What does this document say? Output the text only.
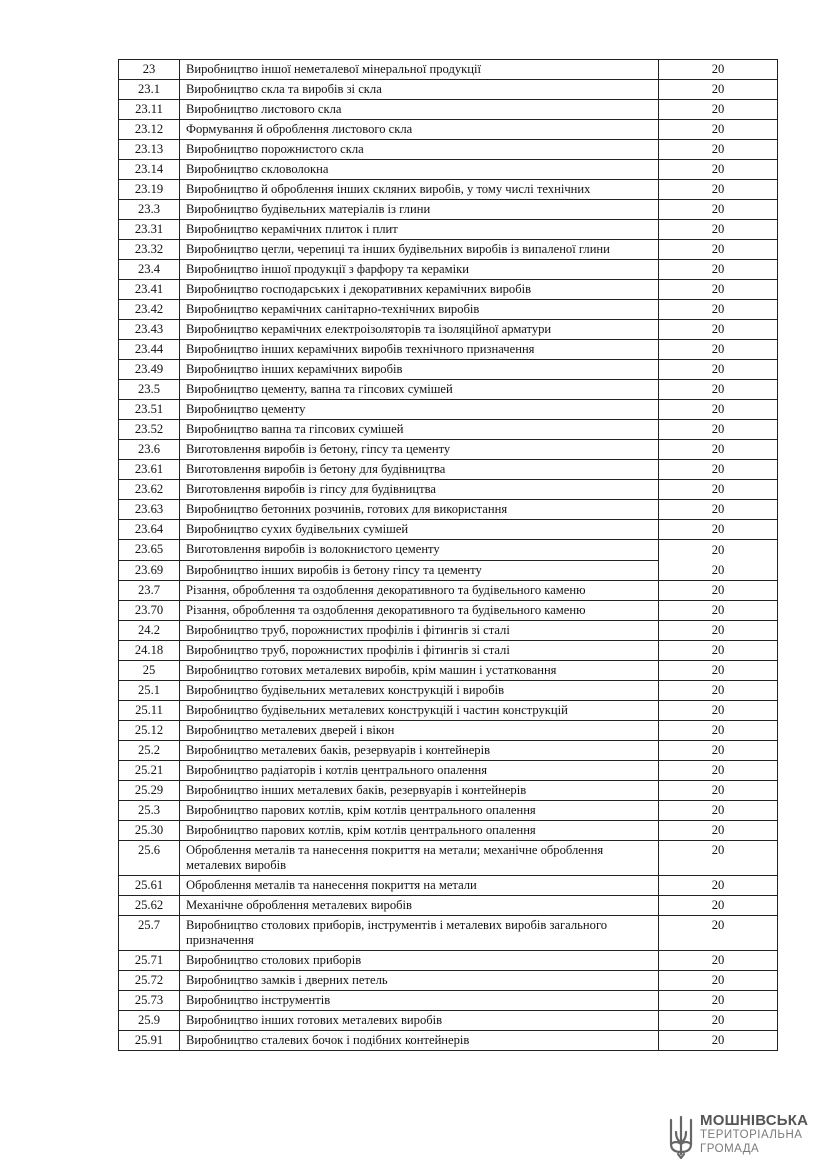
23	Виробництво іншої неметалевої мінеральної продукції	20
23.1	Виробництво скла та виробів зі скла	20
23.11	Виробництво листового скла	20
23.12	Формування й оброблення листового скла	20
23.13	Виробництво порожнистого скла	20
23.14	Виробництво скловолокна	20
23.19	Виробництво й оброблення інших скляних виробів, у тому числі технічних	20
23.3	Виробництво будівельних матеріалів із глини	20
23.31	Виробництво керамічних плиток і плит	20
23.32	Виробництво цегли, черепиці та інших будівельних виробів із випаленої глини	20
23.4	Виробництво іншої продукції з фарфору та кераміки	20
23.41	Виробництво господарських і декоративних керамічних виробів	20
23.42	Виробництво керамічних санітарно-технічних виробів	20
23.43	Виробництво керамічних електроізоляторів та ізоляційної арматури	20
23.44	Виробництво інших керамічних виробів технічного призначення	20
23.49	Виробництво інших керамічних виробів	20
23.5	Виробництво цементу, вапна та гіпсових сумішей	20
23.51	Виробництво цементу	20
23.52	Виробництво вапна та гіпсових сумішей	20
23.6	Виготовлення виробів із бетону, гіпсу та цементу	20
23.61	Виготовлення виробів із бетону для будівництва	20
23.62	Виготовлення виробів із гіпсу для будівництва	20
23.63	Виробництво бетонних розчинів, готових для використання	20
23.64	Виробництво сухих будівельних сумішей	20
23.65	Виготовлення виробів із волокнистого цементу	20
23.69	Виробництво інших виробів із бетону гіпсу та цементу	20
23.7	Різання, оброблення та оздоблення декоративного та будівельного каменю	20
23.70	Різання, оброблення та оздоблення декоративного та будівельного каменю	20
24.2	Виробництво труб, порожнистих профілів і фітингів зі сталі	20
24.18	Виробництво труб, порожнистих профілів і фітингів зі сталі	20
25	Виробництво готових металевих виробів, крім машин і устатковання	20
25.1	Виробництво будівельних металевих конструкцій і виробів	20
25.11	Виробництво будівельних металевих конструкцій і частин конструкцій	20
25.12	Виробництво металевих дверей і вікон	20
25.2	Виробництво металевих баків, резервуарів і контейнерів	20
25.21	Виробництво радіаторів і котлів центрального опалення	20
25.29	Виробництво інших металевих баків, резервуарів і контейнерів	20
25.3	Виробництво парових котлів, крім котлів центрального опалення	20
25.30	Виробництво парових котлів, крім котлів центрального опалення	20
25.6	Оброблення металів та нанесення покриття на метали; механічне оброблення металевих виробів	20
25.61	Оброблення металів та нанесення покриття на метали	20
25.62	Механічне оброблення металевих виробів	20
25.7	Виробництво столових приборів, інструментів і металевих виробів загального призначення	20
25.71	Виробництво столових приборів	20
25.72	Виробництво замків і дверних петель	20
25.73	Виробництво інструментів	20
25.9	Виробництво інших готових металевих виробів	20
25.91	Виробництво сталевих бочок і подібних контейнерів	20
МОШНІВСЬКА
ТЕРИТОРІАЛЬНА
ГРОМАДА
